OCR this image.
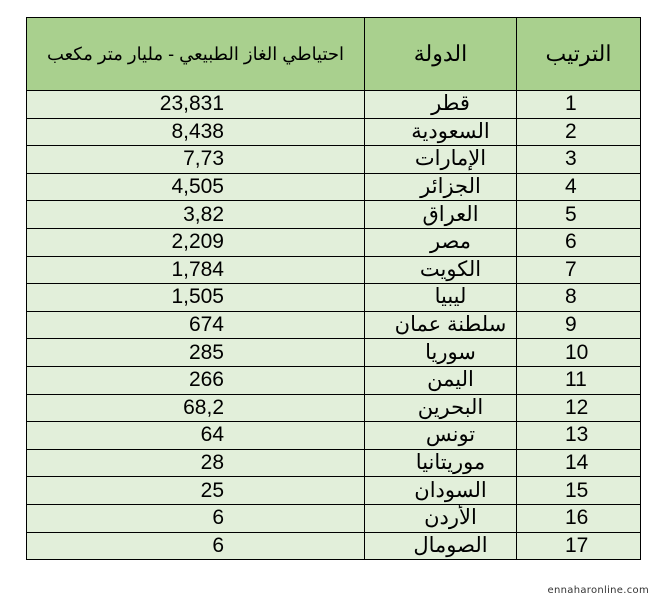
احتياطي الغاز الطبيعي - مليار متر مكعب	الدولة	الترتيب
23,831	قطر	1
8,438	السعودية	2
7,73	الإمارات	3
4,505	الجزائر	4
3,82	العراق	5
2,209	مصر	6
1,784	الكويت	7
1,505	ليبيا	8
674	سلطنة عمان	9
285	سوريا	10
266	اليمن	11
68,2	البحرين	12
64	تونس	13
28	موريتانيا	14
25	السودان	15
6	الأردن	16
6	الصومال	17
ennaharonline.com
